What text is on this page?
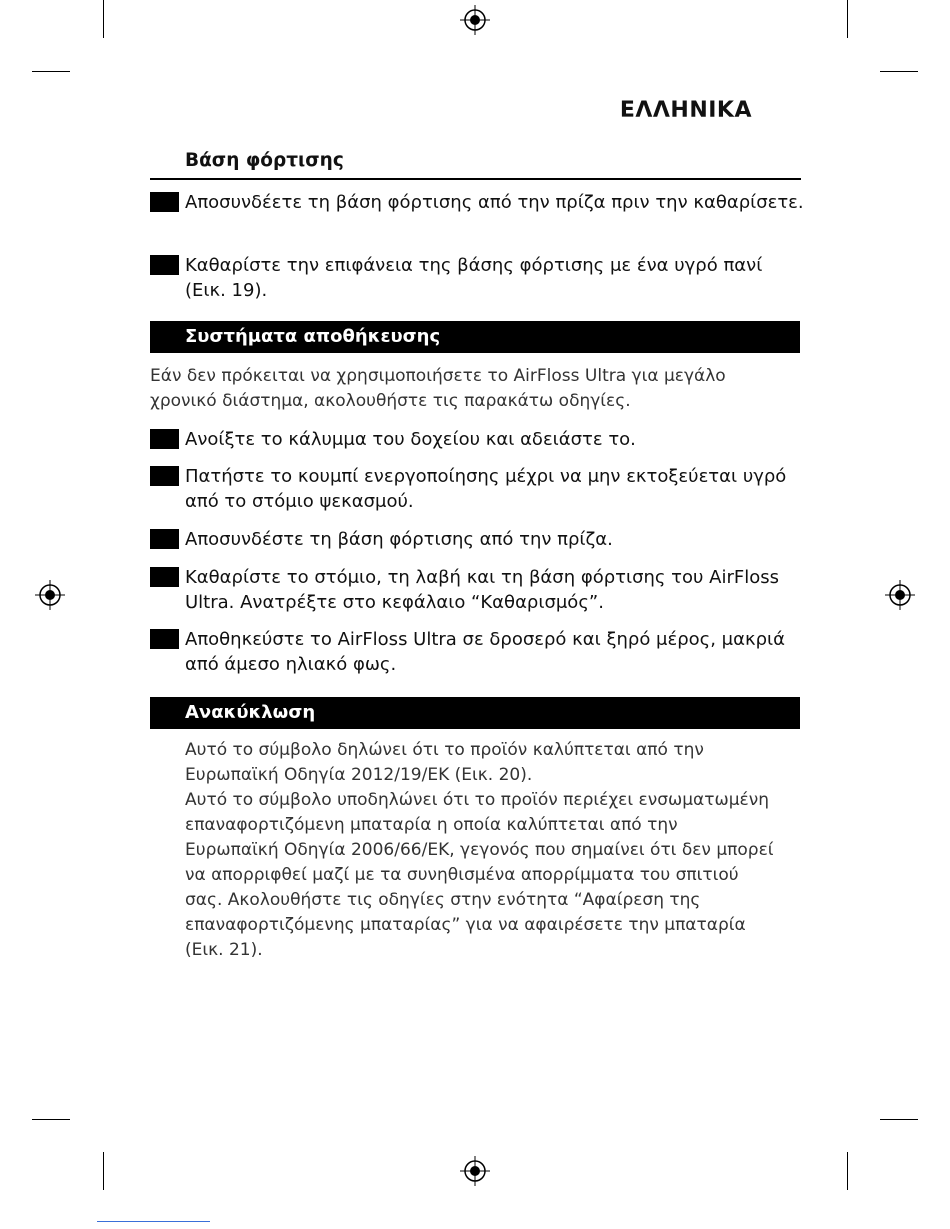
ΕΛΛΗΝΙΚΑ
Βάση φόρτισης
Αποσυνδέετε τη βάση φόρτισης από την πρίζα πριν την καθαρίσετε.
Καθαρίστε την επιφάνεια της βάσης φόρτισης με ένα υγρό πανί (Εικ. 19).
Συστήματα αποθήκευσης
Εάν δεν πρόκειται να χρησιμοποιήσετε το AirFloss Ultra για μεγάλο χρονικό διάστημα, ακολουθήστε τις παρακάτω οδηγίες.
Ανοίξτε το κάλυμμα του δοχείου και αδειάστε το.
Πατήστε το κουμπί ενεργοποίησης μέχρι να μην εκτοξεύεται υγρό από το στόμιο ψεκασμού.
Αποσυνδέστε τη βάση φόρτισης από την πρίζα.
Καθαρίστε το στόμιο, τη λαβή και τη βάση φόρτισης του AirFloss Ultra. Ανατρέξτε στο κεφάλαιο “Καθαρισμός”.
Αποθηκεύστε το AirFloss Ultra σε δροσερό και ξηρό μέρος, μακριά από άμεσο ηλιακό φως.
Ανακύκλωση
Αυτό το σύμβολο δηλώνει ότι το προϊόν καλύπτεται από την Ευρωπαϊκή Οδηγία 2012/19/ΕΚ (Εικ. 20).
Αυτό το σύμβολο υποδηλώνει ότι το προϊόν περιέχει ενσωματωμένη επαναφορτιζόμενη μπαταρία η οποία καλύπτεται από την Ευρωπαϊκή Οδηγία 2006/66/ΕΚ, γεγονός που σημαίνει ότι δεν μπορεί να απορριφθεί μαζί με τα συνηθισμένα απορρίμματα του σπιτιού σας. Ακολουθήστε τις οδηγίες στην ενότητα “Αφαίρεση της επαναφορτιζόμενης μπαταρίας” για να αφαιρέσετε την μπαταρία (Εικ. 21).
